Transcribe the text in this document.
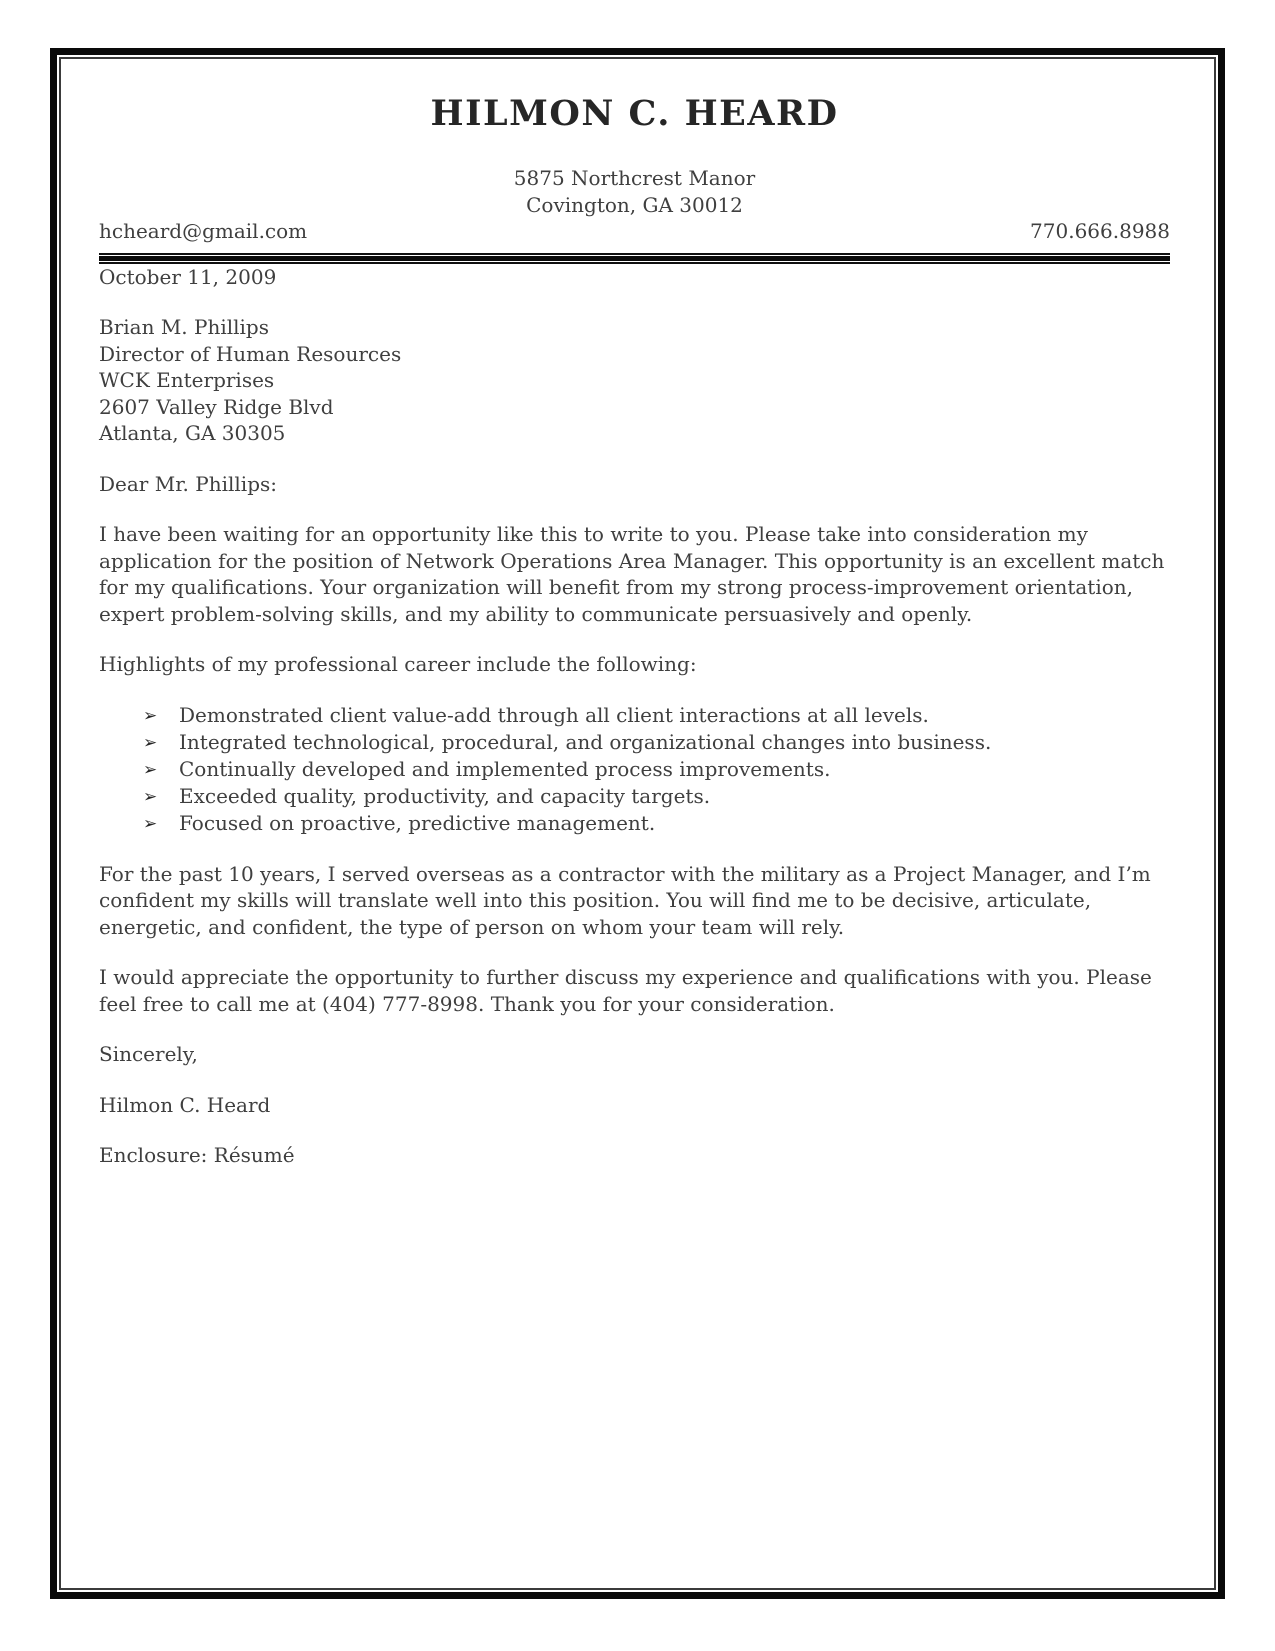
HILMON C. HEARD
5875 Northcrest Manor
Covington, GA 30012
hcheard@gmail.com	770.666.8988

October 11, 2009

Brian M. Phillips
Director of Human Resources
WCK Enterprises
2607 Valley Ridge Blvd
Atlanta, GA 30305

Dear Mr. Phillips:

I have been waiting for an opportunity like this to write to you. Please take into consideration my application for the position of Network Operations Area Manager. This opportunity is an excellent match for my qualifications. Your organization will benefit from my strong process-improvement orientation, expert problem-solving skills, and my ability to communicate persuasively and openly.

Highlights of my professional career include the following:

➢ Demonstrated client value-add through all client interactions at all levels.
➢ Integrated technological, procedural, and organizational changes into business.
➢ Continually developed and implemented process improvements.
➢ Exceeded quality, productivity, and capacity targets.
➢ Focused on proactive, predictive management.

For the past 10 years, I served overseas as a contractor with the military as a Project Manager, and I’m confident my skills will translate well into this position. You will find me to be decisive, articulate, energetic, and confident, the type of person on whom your team will rely.

I would appreciate the opportunity to further discuss my experience and qualifications with you. Please feel free to call me at (404) 777-8998. Thank you for your consideration.

Sincerely,

Hilmon C. Heard

Enclosure: Résumé
